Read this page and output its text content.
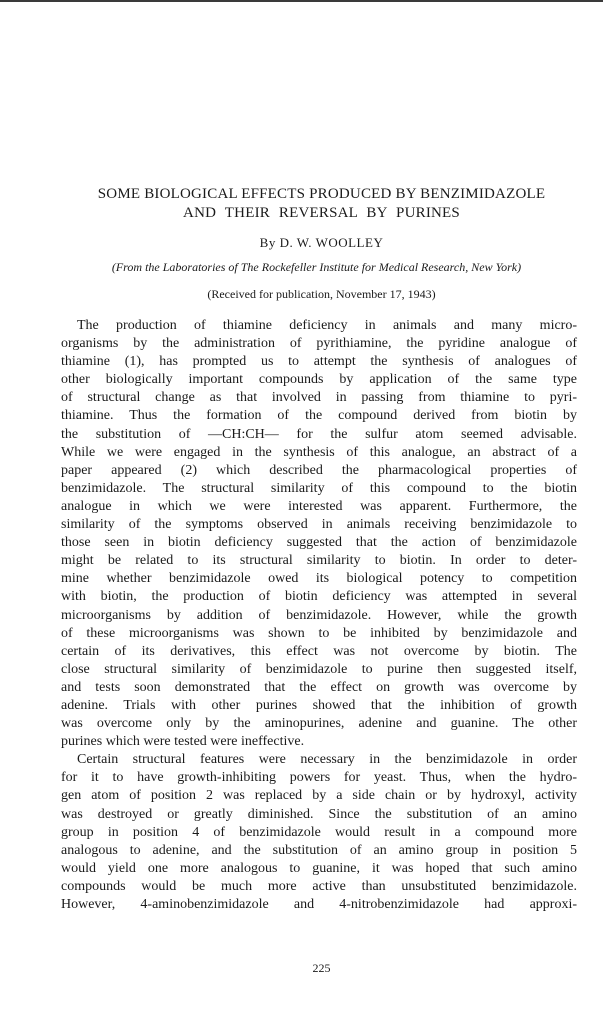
SOME BIOLOGICAL EFFECTS PRODUCED BY BENZIMIDAZOLE
AND THEIR REVERSAL BY PURINES
By D. W. WOOLLEY
(From the Laboratories of The Rockefeller Institute for Medical Research, New York)
(Received for publication, November 17, 1943)
The production of thiamine deficiency in animals and many micro-
organisms by the administration of pyrithiamine, the pyridine analogue of
thiamine (1), has prompted us to attempt the synthesis of analogues of
other biologically important compounds by application of the same type
of structural change as that involved in passing from thiamine to pyri-
thiamine. Thus the formation of the compound derived from biotin by
the substitution of —CH:CH— for the sulfur atom seemed advisable.
While we were engaged in the synthesis of this analogue, an abstract of a
paper appeared (2) which described the pharmacological properties of
benzimidazole. The structural similarity of this compound to the biotin
analogue in which we were interested was apparent. Furthermore, the
similarity of the symptoms observed in animals receiving benzimidazole to
those seen in biotin deficiency suggested that the action of benzimidazole
might be related to its structural similarity to biotin. In order to deter-
mine whether benzimidazole owed its biological potency to competition
with biotin, the production of biotin deficiency was attempted in several
microorganisms by addition of benzimidazole. However, while the growth
of these microorganisms was shown to be inhibited by benzimidazole and
certain of its derivatives, this effect was not overcome by biotin. The
close structural similarity of benzimidazole to purine then suggested itself,
and tests soon demonstrated that the effect on growth was overcome by
adenine. Trials with other purines showed that the inhibition of growth
was overcome only by the aminopurines, adenine and guanine. The other
purines which were tested were ineffective.
Certain structural features were necessary in the benzimidazole in order
for it to have growth-inhibiting powers for yeast. Thus, when the hydro-
gen atom of position 2 was replaced by a side chain or by hydroxyl, activity
was destroyed or greatly diminished. Since the substitution of an amino
group in position 4 of benzimidazole would result in a compound more
analogous to adenine, and the substitution of an amino group in position 5
would yield one more analogous to guanine, it was hoped that such amino
compounds would be much more active than unsubstituted benzimidazole.
However, 4-aminobenzimidazole and 4-nitrobenzimidazole had approxi-
225
